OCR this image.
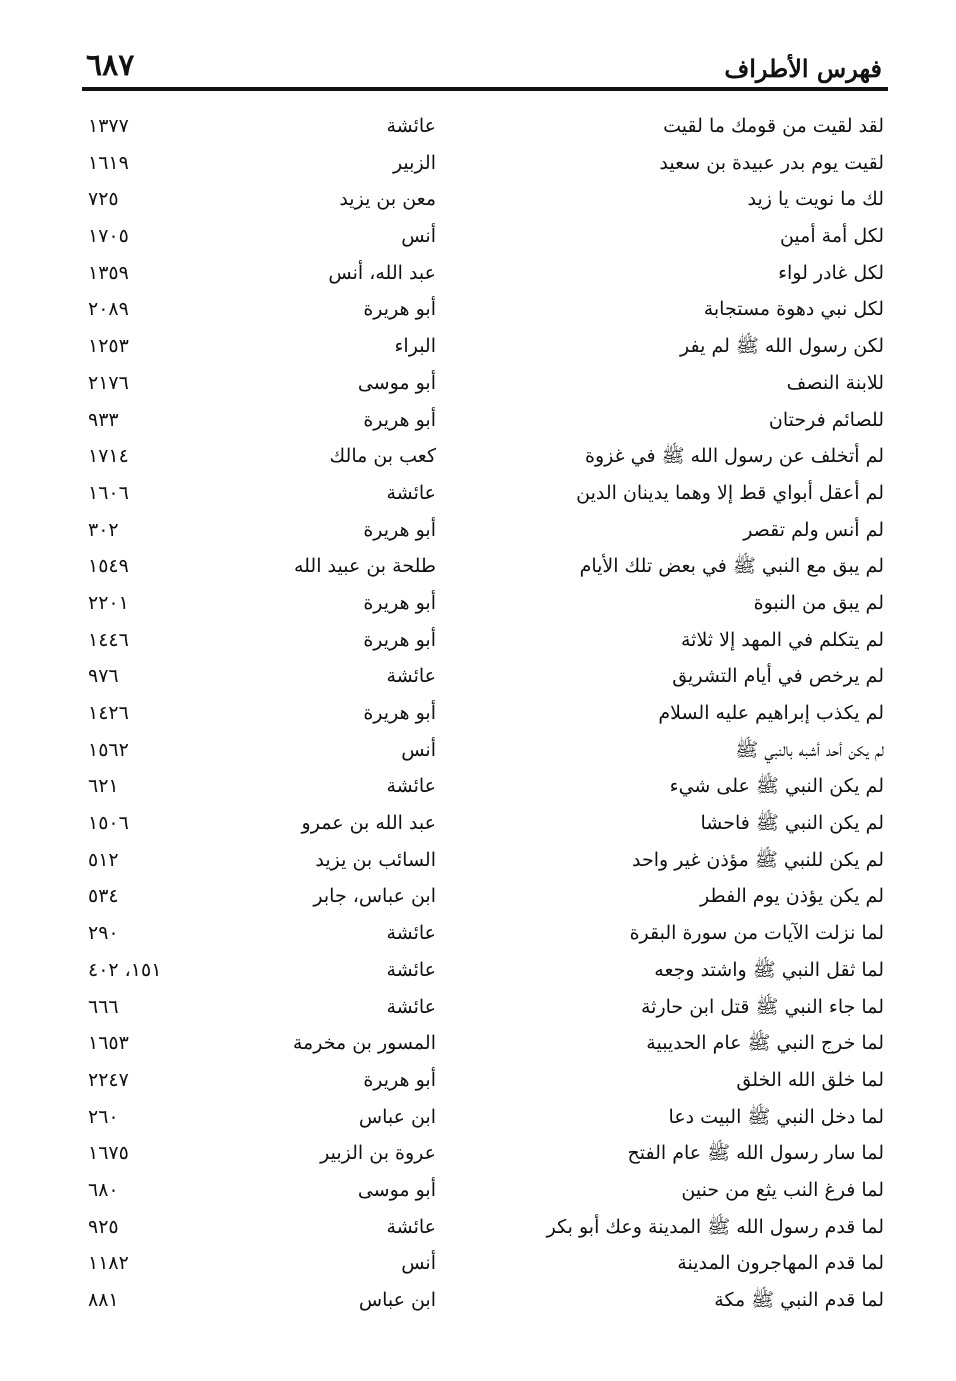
فهرس الأطراف
٦٨٧
لقد لقيت من قومك ما لقيت
عائشة
١٣٧٧
لقيت يوم بدر عبيدة بن سعيد
الزبير
١٦١٩
لك ما نويت يا زيد
معن بن يزيد
٧٢٥
لكل أمة أمين
أنس
١٧٠٥
لكل غادر لواء
عبد الله، أنس
١٣٥٩
لكل نبي دهوة مستجابة
أبو هريرة
٢٠٨٩
لكن رسول الله ﷺ لم يفر
البراء
١٢٥٣
للابنة النصف
أبو موسى
٢١٧٦
للصائم فرحتان
أبو هريرة
٩٣٣
لم أتخلف عن رسول الله ﷺ في غزوة
كعب بن مالك
١٧١٤
لم أعقل أبواي قط إلا وهما يدينان الدين
عائشة
١٦٠٦
لم أنس ولم تقصر
أبو هريرة
٣٠٢
لم يبق مع النبي ﷺ في بعض تلك الأيام
طلحة بن عبيد الله
١٥٤٩
لم يبق من النبوة
أبو هريرة
٢٢٠١
لم يتكلم في المهد إلا ثلاثة
أبو هريرة
١٤٤٦
لم يرخص في أيام التشريق
عائشة
٩٧٦
لم يكذب إبراهيم عليه السلام
أبو هريرة
١٤٢٦
لم يكن أحد أشبه بالنبي ﷺ
أنس
١٥٦٢
لم يكن النبي ﷺ على شيء
عائشة
٦٢١
لم يكن النبي ﷺ فاحشا
عبد الله بن عمرو
١٥٠٦
لم يكن للنبي ﷺ مؤذن غير واحد
السائب بن يزيد
٥١٢
لم يكن يؤذن يوم الفطر
ابن عباس، جابر
٥٣٤
لما نزلت الآيات من سورة البقرة
عائشة
٢٩٠
لما ثقل النبي ﷺ واشتد وجعه
عائشة
١٥١، ٤٠٢
لما جاء النبي ﷺ قتل ابن حارثة
عائشة
٦٦٦
لما خرج النبي ﷺ عام الحديبية
المسور بن مخرمة
١٦٥٣
لما خلق الله الخلق
أبو هريرة
٢٢٤٧
لما دخل النبي ﷺ البيت دعا
ابن عباس
٢٦٠
لما سار رسول الله ﷺ عام الفتح
عروة بن الزبير
١٦٧٥
لما فرغ النب يثع من حنين
أبو موسى
٦٨٠
لما قدم رسول الله ﷺ المدينة وعك أبو بكر
عائشة
٩٢٥
لما قدم المهاجرون المدينة
أنس
١١٨٢
لما قدم النبي ﷺ مكة
ابن عباس
٨٨١
